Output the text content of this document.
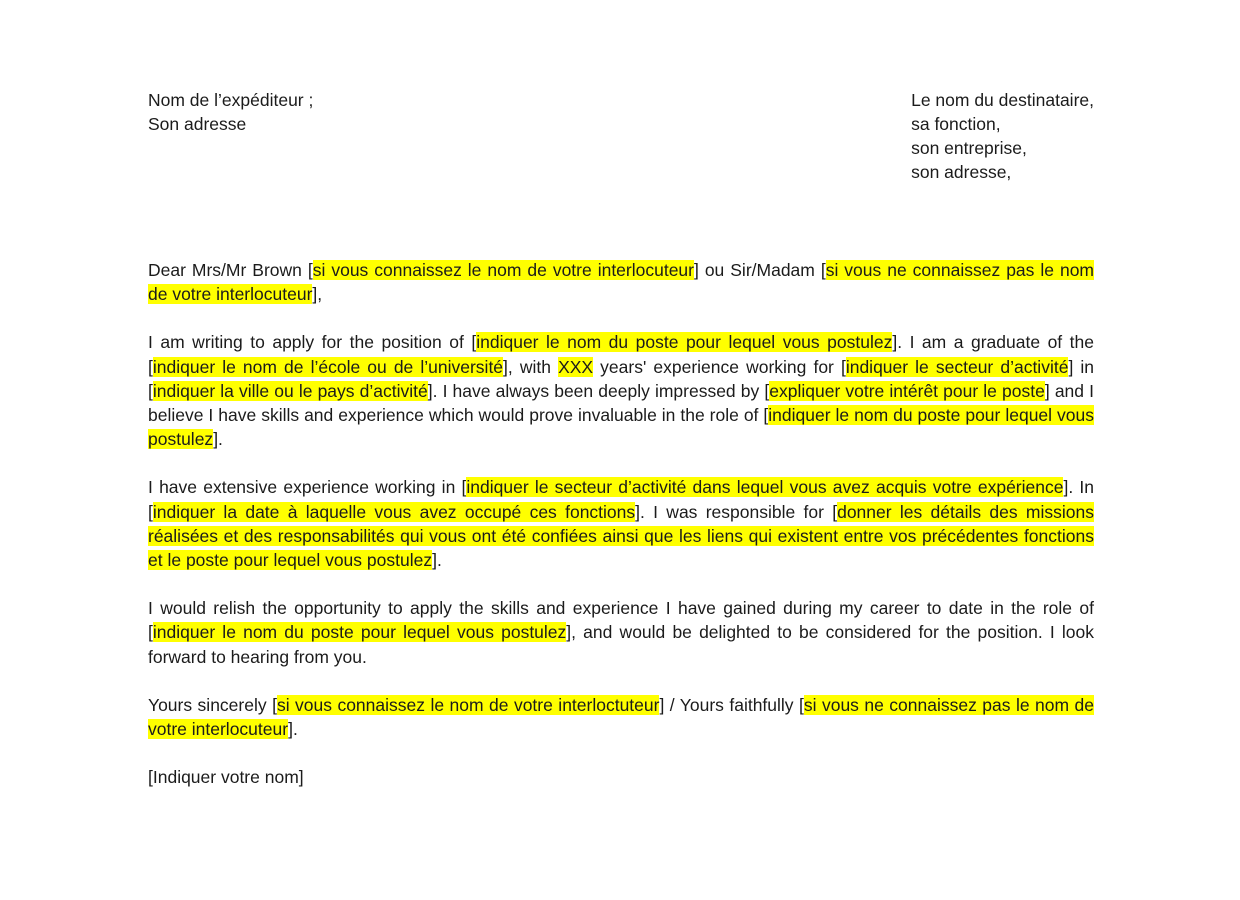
Nom de l’expéditeur ;
Son adresse
Le nom du destinataire,
sa fonction,
son entreprise,
son adresse,

Dear Mrs/Mr Brown [si vous connaissez le nom de votre interlocuteur] ou Sir/Madam [si vous ne connaissez pas le nom de votre interlocuteur],

I am writing to apply for the position of [indiquer le nom du poste pour lequel vous postulez]. I am a graduate of the [indiquer le nom de l’école ou de l’université], with XXX years' experience working for [indiquer le secteur d’activité] in [indiquer la ville ou le pays d’activité]. I have always been deeply impressed by [expliquer votre intérêt pour le poste] and I believe I have skills and experience which would prove invaluable in the role of [indiquer le nom du poste pour lequel vous postulez].

I have extensive experience working in [indiquer le secteur d’activité dans lequel vous avez acquis votre expérience]. In [indiquer la date à laquelle vous avez occupé ces fonctions]. I was responsible for [donner les détails des missions réalisées et des responsabilités qui vous ont été confiées ainsi que les liens qui existent entre vos précédentes fonctions et le poste pour lequel vous postulez].

I would relish the opportunity to apply the skills and experience I have gained during my career to date in the role of [indiquer le nom du poste pour lequel vous postulez], and would be delighted to be considered for the position. I look forward to hearing from you.

Yours sincerely [si vous connaissez le nom de votre interloctuteur] / Yours faithfully [si vous ne connaissez pas le nom de votre interlocuteur].

[Indiquer votre nom]
